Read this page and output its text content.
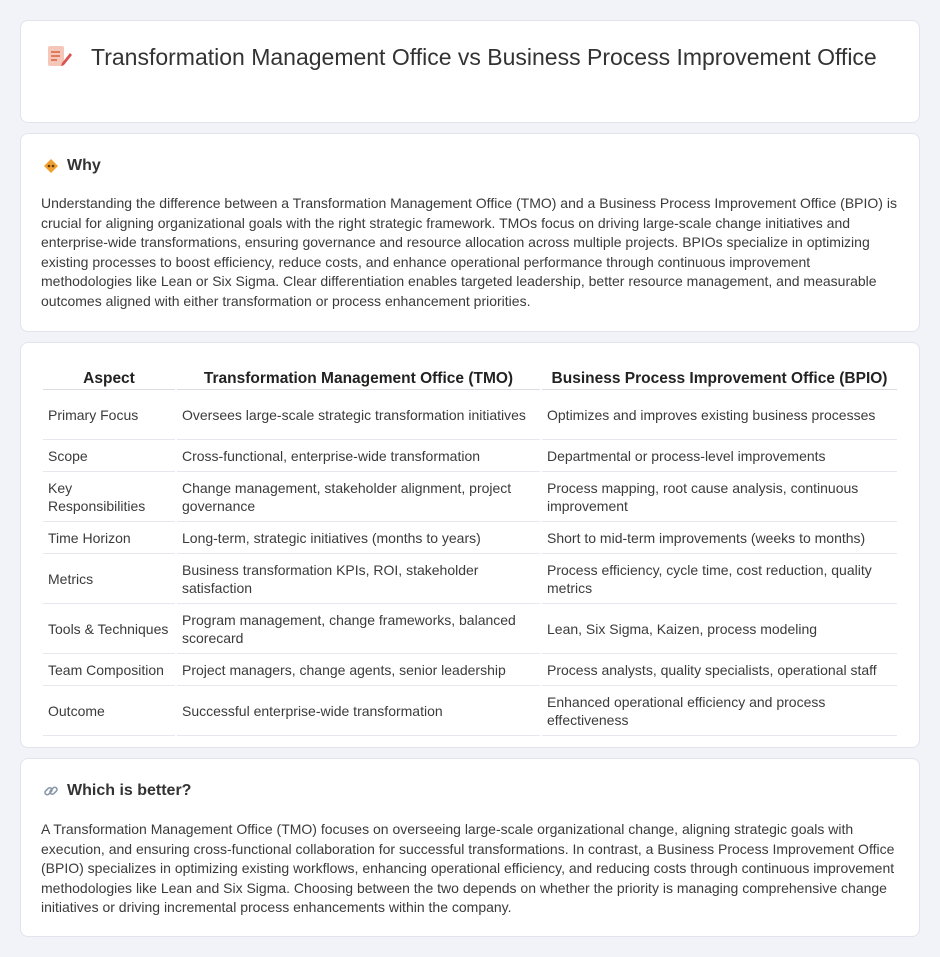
Transformation Management Office vs Business Process Improvement Office
Why

Understanding the difference between a Transformation Management Office (TMO) and a Business Process Improvement Office (BPIO) is crucial for aligning organizational goals with the right strategic framework. TMOs focus on driving large-scale change initiatives and enterprise-wide transformations, ensuring governance and resource allocation across multiple projects. BPIOs specialize in optimizing existing processes to boost efficiency, reduce costs, and enhance operational performance through continuous improvement methodologies like Lean or Six Sigma. Clear differentiation enables targeted leadership, better resource management, and measurable outcomes aligned with either transformation or process enhancement priorities.

Aspect	Transformation Management Office (TMO)	Business Process Improvement Office (BPIO)
Primary Focus	Oversees large-scale strategic transformation initiatives	Optimizes and improves existing business processes
Scope	Cross-functional, enterprise-wide transformation	Departmental or process-level improvements
Key Responsibilities	Change management, stakeholder alignment, project governance	Process mapping, root cause analysis, continuous improvement
Time Horizon	Long-term, strategic initiatives (months to years)	Short to mid-term improvements (weeks to months)
Metrics	Business transformation KPIs, ROI, stakeholder satisfaction	Process efficiency, cycle time, cost reduction, quality metrics
Tools & Techniques	Program management, change frameworks, balanced scorecard	Lean, Six Sigma, Kaizen, process modeling
Team Composition	Project managers, change agents, senior leadership	Process analysts, quality specialists, operational staff
Outcome	Successful enterprise-wide transformation	Enhanced operational efficiency and process effectiveness
Which is better?

A Transformation Management Office (TMO) focuses on overseeing large-scale organizational change, aligning strategic goals with execution, and ensuring cross-functional collaboration for successful transformations. In contrast, a Business Process Improvement Office (BPIO) specializes in optimizing existing workflows, enhancing operational efficiency, and reducing costs through continuous improvement methodologies like Lean and Six Sigma. Choosing between the two depends on whether the priority is managing comprehensive change initiatives or driving incremental process enhancements within the company.
